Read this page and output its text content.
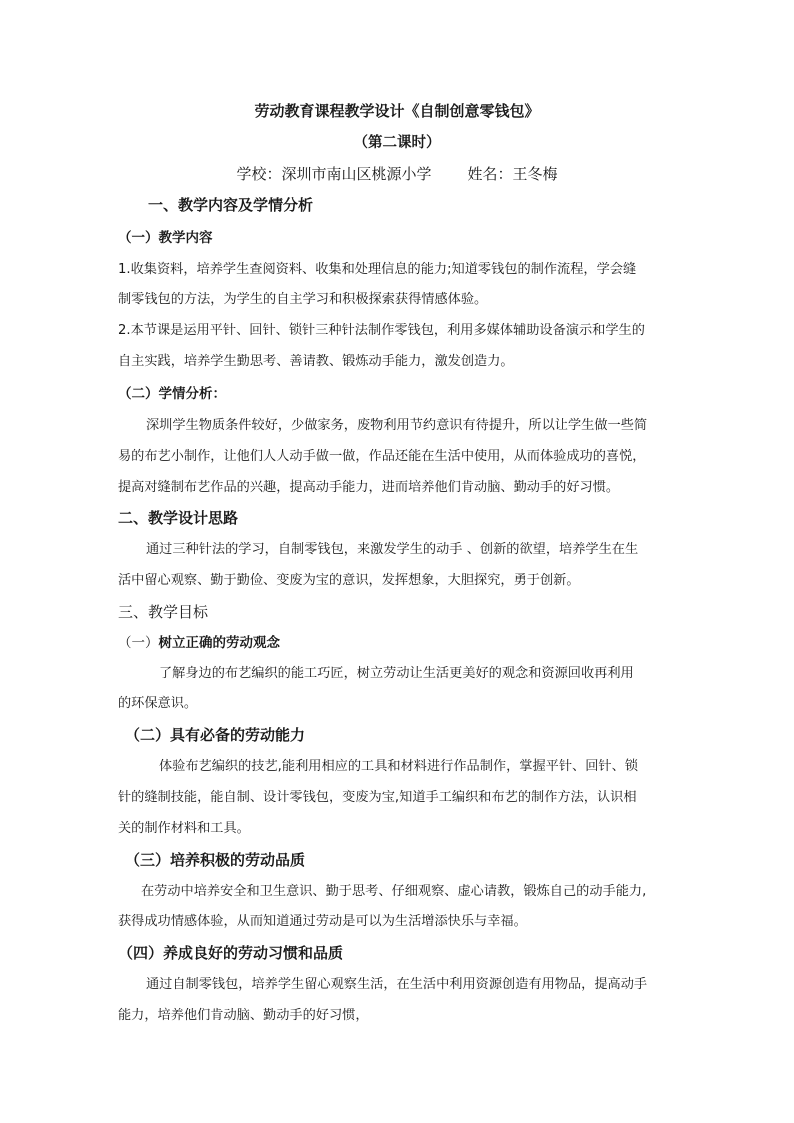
劳动教育课程教学设计《自制创意零钱包》
（第二课时）
学校：深圳市南山区桃源小学 姓名：王冬梅
一、教学内容及学情分析
（一）教学内容
1.收集资料，培养学生查阅资料、收集和处理信息的能力;知道零钱包的制作流程，学会缝
制零钱包的方法，为学生的自主学习和积极探索获得情感体验。
2.本节课是运用平针、回针、锁针三种针法制作零钱包，利用多媒体辅助设备演示和学生的
自主实践，培养学生勤思考、善请教、锻炼动手能力，激发创造力。
（二）学情分析：
深圳学生物质条件较好，少做家务，废物利用节约意识有待提升，所以让学生做一些简
易的布艺小制作，让他们人人动手做一做，作品还能在生活中使用，从而体验成功的喜悦，
提高对缝制布艺作品的兴趣，提高动手能力，进而培养他们肯动脑、勤动手的好习惯。
二、教学设计思路
通过三种针法的学习，自制零钱包，来激发学生的动手 、创新的欲望，培养学生在生
活中留心观察、勤于勤俭、变废为宝的意识，发挥想象，大胆探究，勇于创新。
三、教学目标
（一）树立正确的劳动观念
了解身边的布艺编织的能工巧匠，树立劳动让生活更美好的观念和资源回收再利用
的环保意识。
（二）具有必备的劳动能力
体验布艺编织的技艺,能利用相应的工具和材料进行作品制作，掌握平针、回针、锁
针的缝制技能，能自制、设计零钱包，变废为宝,知道手工编织和布艺的制作方法，认识相
关的制作材料和工具。
（三）培养积极的劳动品质
在劳动中培养安全和卫生意识、勤于思考、仔细观察、虚心请教，锻炼自己的动手能力,
获得成功情感体验，从而知道通过劳动是可以为生活增添快乐与幸福。
（四）养成良好的劳动习惯和品质
通过自制零钱包，培养学生留心观察生活，在生活中利用资源创造有用物品，提高动手
能力，培养他们肯动脑、勤动手的好习惯，
